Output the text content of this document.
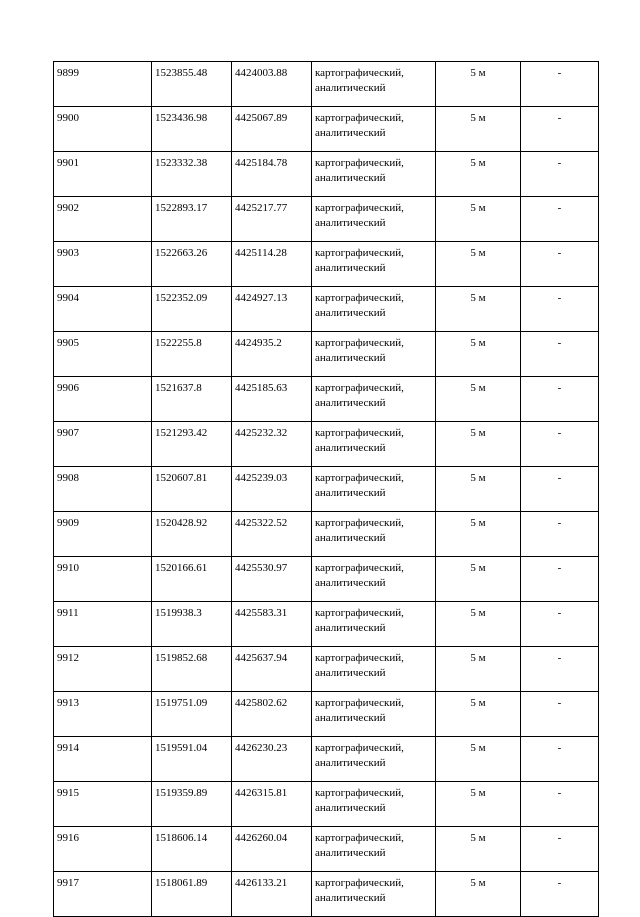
9899	1523855.48	4424003.88	картографический, аналитический	5 м	-

9900	1523436.98	4425067.89	картографический, аналитический	5 м	-

9901	1523332.38	4425184.78	картографический, аналитический	5 м	-

9902	1522893.17	4425217.77	картографический, аналитический	5 м	-

9903	1522663.26	4425114.28	картографический, аналитический	5 м	-

9904	1522352.09	4424927.13	картографический, аналитический	5 м	-

9905	1522255.8	4424935.2	картографический, аналитический	5 м	-

9906	1521637.8	4425185.63	картографический, аналитический	5 м	-

9907	1521293.42	4425232.32	картографический, аналитический	5 м	-

9908	1520607.81	4425239.03	картографический, аналитический	5 м	-

9909	1520428.92	4425322.52	картографический, аналитический	5 м	-

9910	1520166.61	4425530.97	картографический, аналитический	5 м	-

9911	1519938.3	4425583.31	картографический, аналитический	5 м	-

9912	1519852.68	4425637.94	картографический, аналитический	5 м	-

9913	1519751.09	4425802.62	картографический, аналитический	5 м	-

9914	1519591.04	4426230.23	картографический, аналитический	5 м	-

9915	1519359.89	4426315.81	картографический, аналитический	5 м	-

9916	1518606.14	4426260.04	картографический, аналитический	5 м	-

9917	1518061.89	4426133.21	картографический, аналитический	5 м	-
